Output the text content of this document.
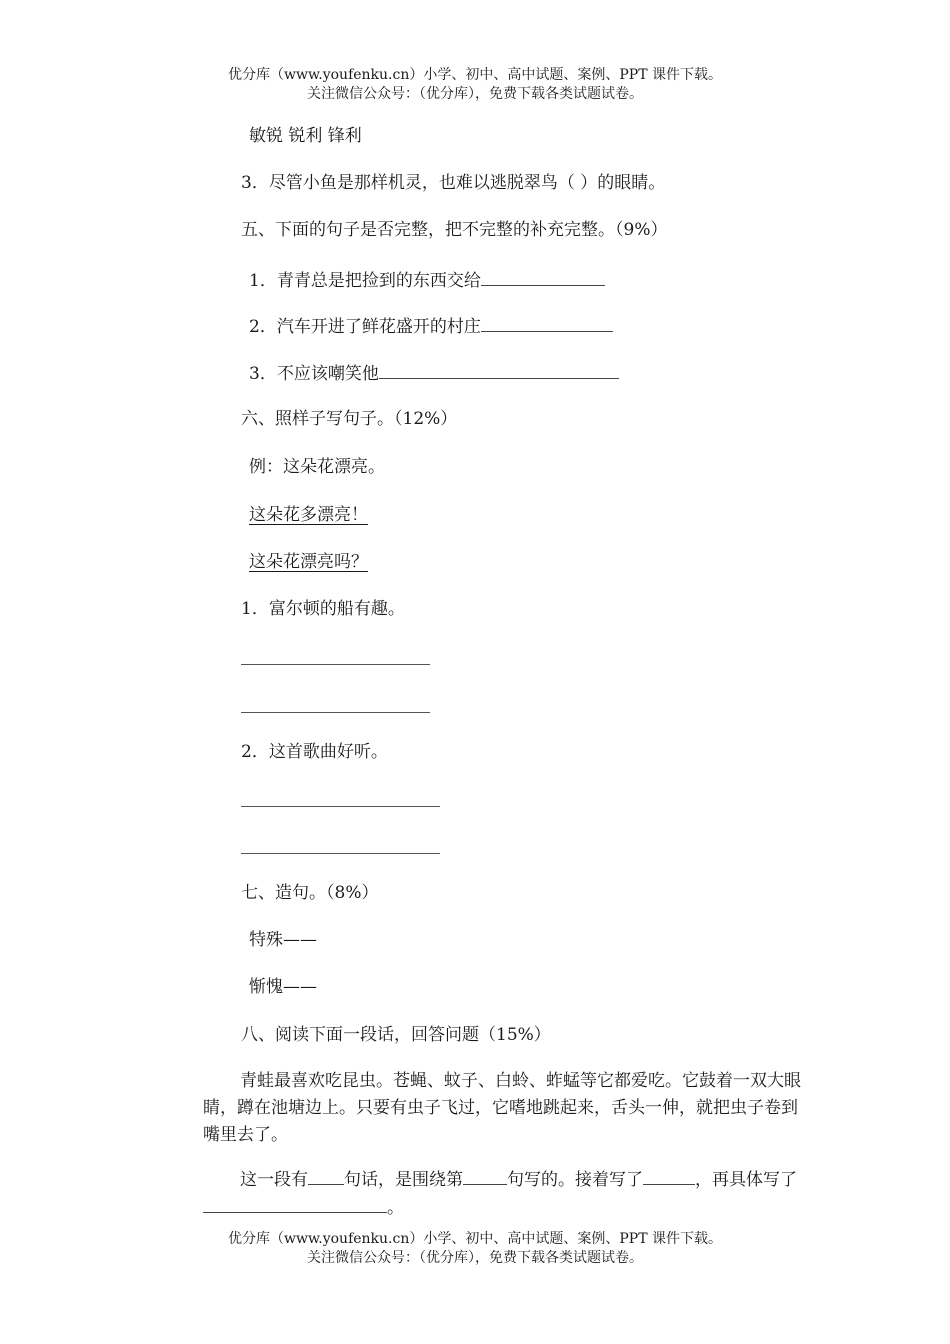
优分库（www.youfenku.cn）小学、初中、高中试题、案例、PPT 课件下载。
关注微信公众号：（优分库），免费下载各类试题试卷。
敏锐 锐利 锋利
3．尽管小鱼是那样机灵，也难以逃脱翠鸟（ ）的眼睛。
五、下面的句子是否完整，把不完整的补充完整。（9%）
1．青青总是把捡到的东西交给
2．汽车开进了鲜花盛开的村庄
3．不应该嘲笑他
六、照样子写句子。（12%）
例：这朵花漂亮。
这朵花多漂亮！
这朵花漂亮吗？
1．富尔顿的船有趣。
2．这首歌曲好听。
七、造句。（8%）
特殊——
惭愧——
八、阅读下面一段话，回答问题（15%）
青蛙最喜欢吃昆虫。苍蝇、蚊子、白蛉、蚱蜢等它都爱吃。它鼓着一双大眼睛，蹲在池塘边上。只要有虫子飞过，它嗜地跳起来，舌头一伸，就把虫子卷到嘴里去了。
这一段有 句话，是围绕第	句写的。接着写了	，再具体写了。
优分库（www.youfenku.cn）小学、初中、高中试题、案例、PPT 课件下载。
关注微信公众号：（优分库），免费下载各类试题试卷。
